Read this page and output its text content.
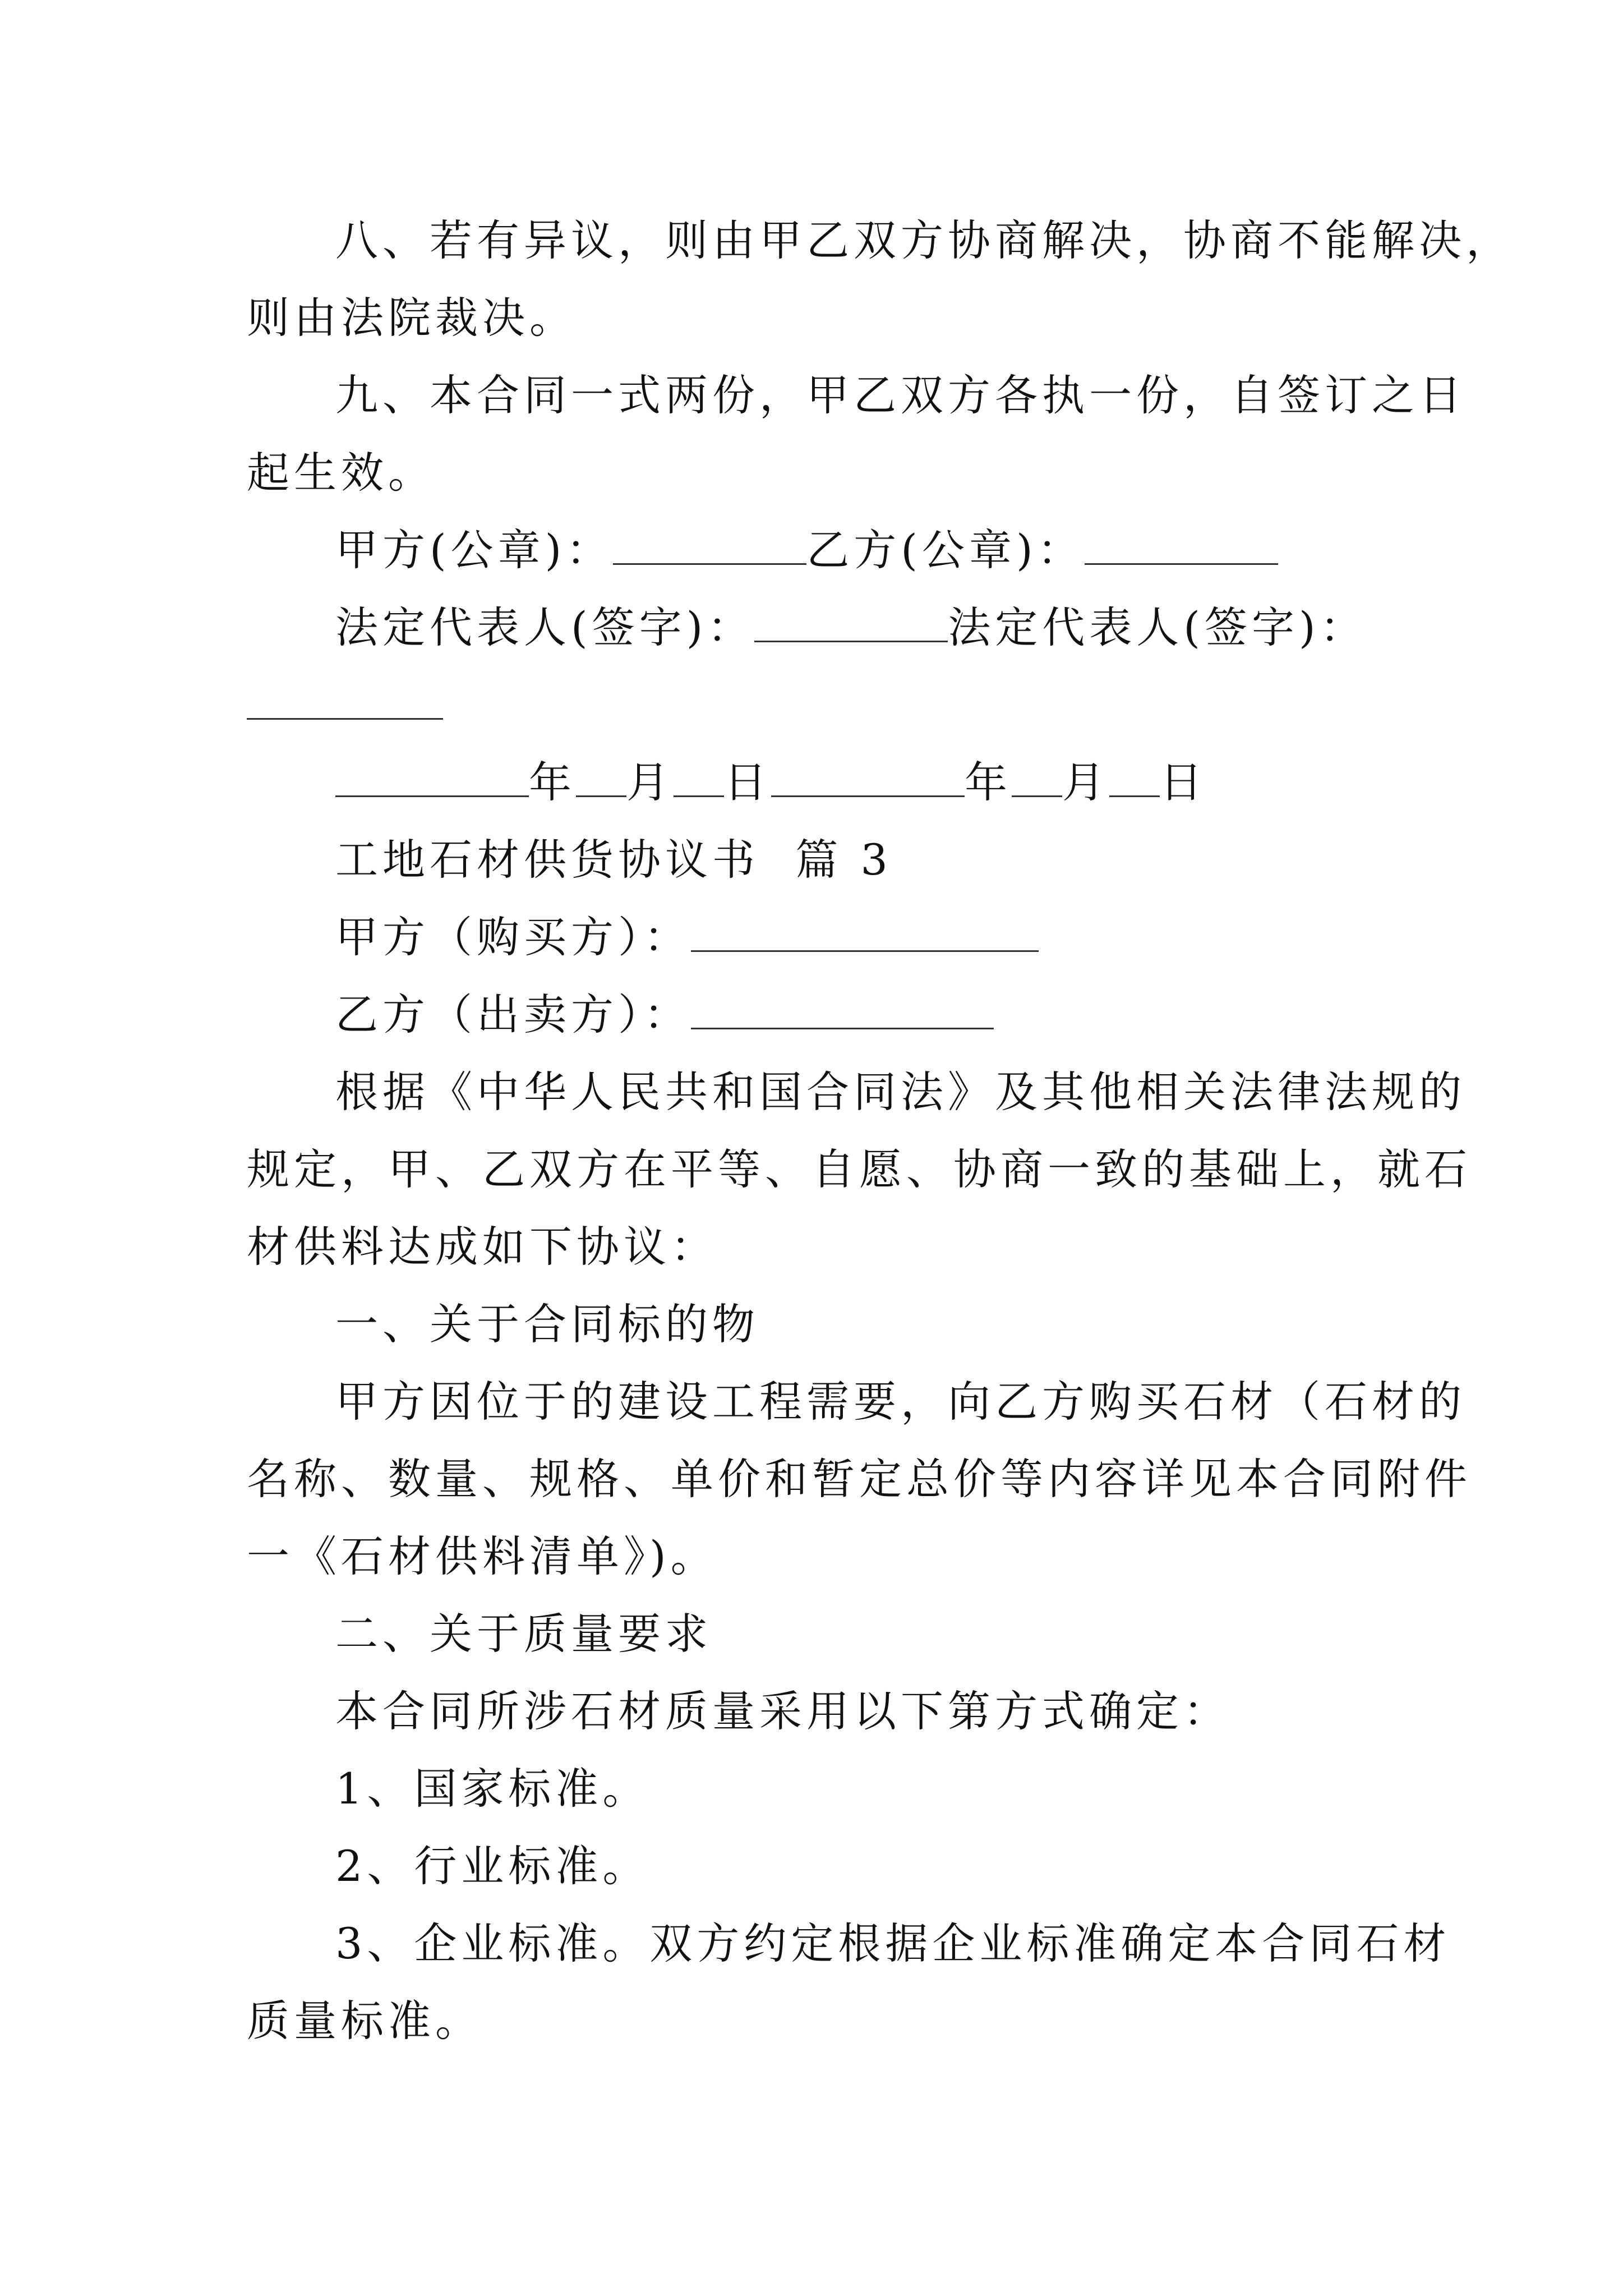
八、若有异议，则由甲乙双方协商解决，协商不能解决，
则由法院裁决。
九、本合同一式两份，甲乙双方各执一份，自签订之日
起生效。
甲方(公章)：	乙方(公章)：
法定代表人(签字)：	法定代表人(签字)：
年 月 日	年 月 日
工地石材供货协议书  篇 3
甲方（购买方）：
乙方（出卖方）：
根据《中华人民共和国合同法》及其他相关法律法规的
规定，甲、乙双方在平等、自愿、协商一致的基础上，就石
材供料达成如下协议：
一、关于合同标的物
甲方因位于的建设工程需要，向乙方购买石材（石材的
名称、数量、规格、单价和暂定总价等内容详见本合同附件
一《石材供料清单》)。
二、关于质量要求
本合同所涉石材质量采用以下第方式确定：
1、国家标准。
2、行业标准。
3、企业标准。双方约定根据企业标准确定本合同石材
质量标准。
